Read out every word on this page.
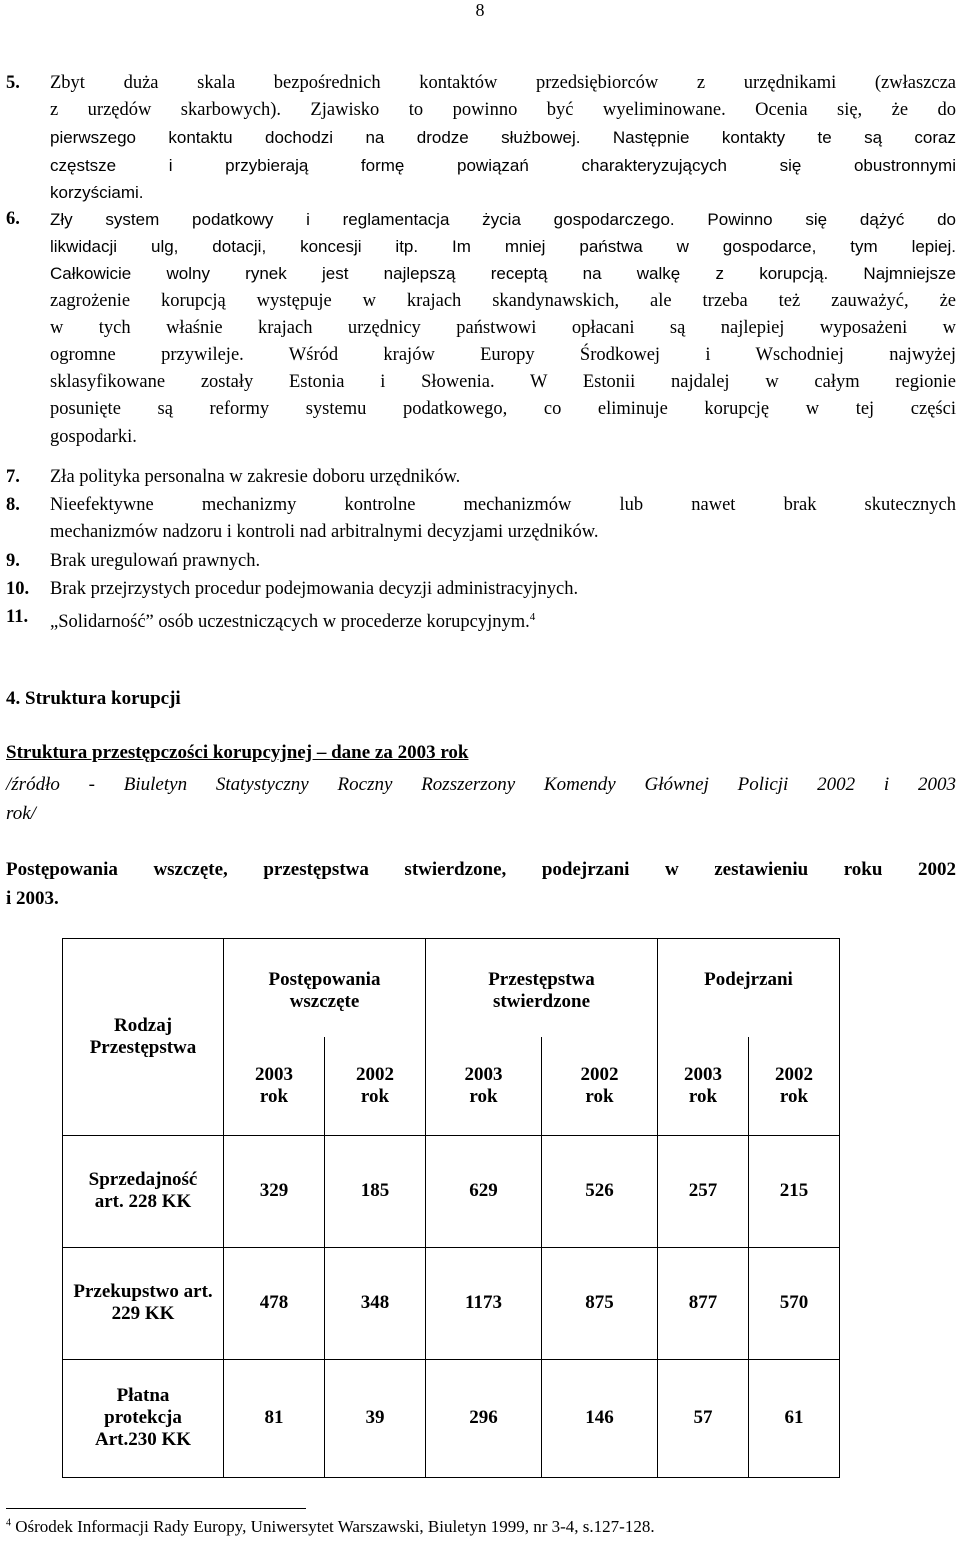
8
5. Zbyt duża skala bezpośrednich kontaktów przedsiębiorców z urzędnikami (zwłaszcza
z urzędów skarbowych). Zjawisko to powinno być wyeliminowane. Ocenia się, że do
pierwszego kontaktu dochodzi na drodze służbowej. Następnie kontakty te są coraz
częstsze i przybierają formę powiązań charakteryzujących się obustronnymi
korzyściami.
6. Zły system podatkowy i reglamentacja życia gospodarczego. Powinno się dążyć do
likwidacji ulg, dotacji, koncesji itp. Im mniej państwa w gospodarce, tym lepiej.
Całkowicie wolny rynek jest najlepszą receptą na walkę z korupcją. Najmniejsze
zagrożenie korupcją występuje w krajach skandynawskich, ale trzeba też zauważyć, że
w tych właśnie krajach urzędnicy państwowi opłacani są najlepiej wyposażeni w
ogromne przywileje. Wśród krajów Europy Środkowej i Wschodniej najwyżej
sklasyfikowane zostały Estonia i Słowenia. W Estonii najdalej w całym regionie
posunięte są reformy systemu podatkowego, co eliminuje korupcję w tej części
gospodarki.
7. Zła polityka personalna w zakresie doboru urzędników.
8. Nieefektywne mechanizmy kontrolne mechanizmów lub nawet brak skutecznych
mechanizmów nadzoru i kontroli nad arbitralnymi decyzjami urzędników.
9. Brak uregulowań prawnych.
10. Brak przejrzystych procedur podejmowania decyzji administracyjnych.
11. „Solidarność” osób uczestniczących w procederze korupcyjnym.$^4$
4. Struktura korupcji
Struktura przestępczości korupcyjnej – dane za 2003 rok
/źródło - Biuletyn Statystyczny Roczny Rozszerzony Komendy Głównej Policji 2002 i 2003
rok/
Postępowania wszczęte, przestępstwa stwierdzone, podejrzani w zestawieniu roku 2002
i 2003.
Rodzaj Przestępstwa	Postępowania wszczęte		Przestępstwa stwierdzone		Podejrzani	
	2003 rok	2002 rok	2003 rok	2002 rok	2003 rok	2002 rok
Sprzedajność art. 228 KK	329	185	629	526	257	215
Przekupstwo art. 229 KK	478	348	1173	875	877	570
Płatna protekcja Art.230 KK	81	39	296	146	57	61
$^4$ Ośrodek Informacji Rady Europy, Uniwersytet Warszawski, Biuletyn 1999, nr 3-4, s.127-128.
